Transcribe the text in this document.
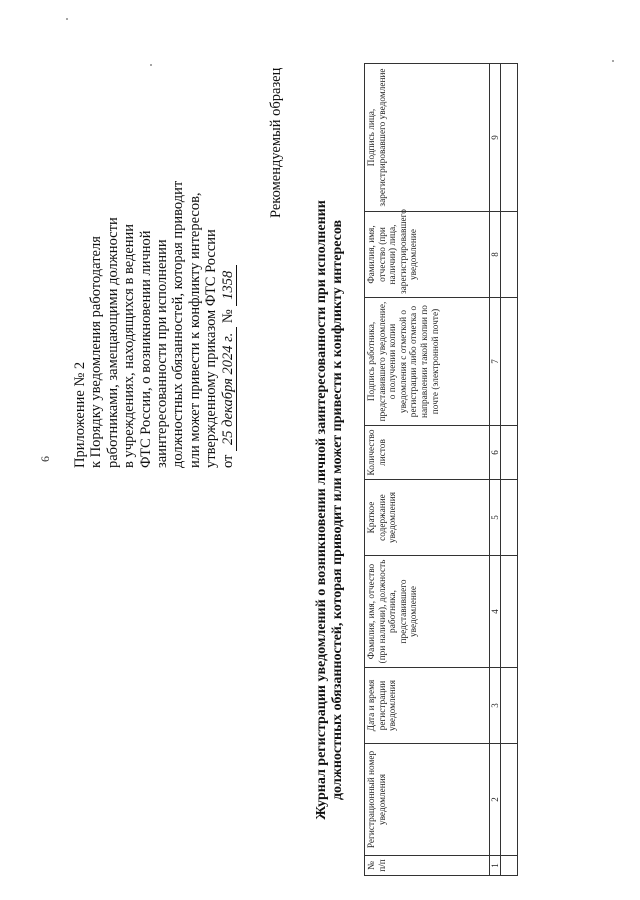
6 Приложение № 2 к Порядку уведомления работодателя работниками, замещающими должности в учреждениях, находящихся в ведении ФТС России, о возникновении личной заинтересованности при исполнении должностных обязанностей, которая приводит или может привести к конфликту интересов, утвержденному приказом ФТС России от 25 декабря 2024 г. № 1358
Рекомендуемый образец
Журнал регистрации уведомлений о возникновении личной заинтересованности при исполнении должностных обязанностей, которая приводит или может привести к конфликту интересов
№ п/п	Регистрационный номер уведомления	Дата и время регистрации уведомления	Фамилия, имя, отчество (при наличии), должность работника, представившего уведомление	Краткое содержание уведомления	Количество листов	Подпись работника, представившего уведомление, о получении копии уведомления с отметкой о регистрации либо отметка о направлении такой копии по почте (электронной почте)	Фамилия, имя, отчество (при наличии) лица, зарегистрировавшего уведомление	Подпись лица, зарегистрировавшего уведомление
1	2	3	4	5	6	7	8	9
